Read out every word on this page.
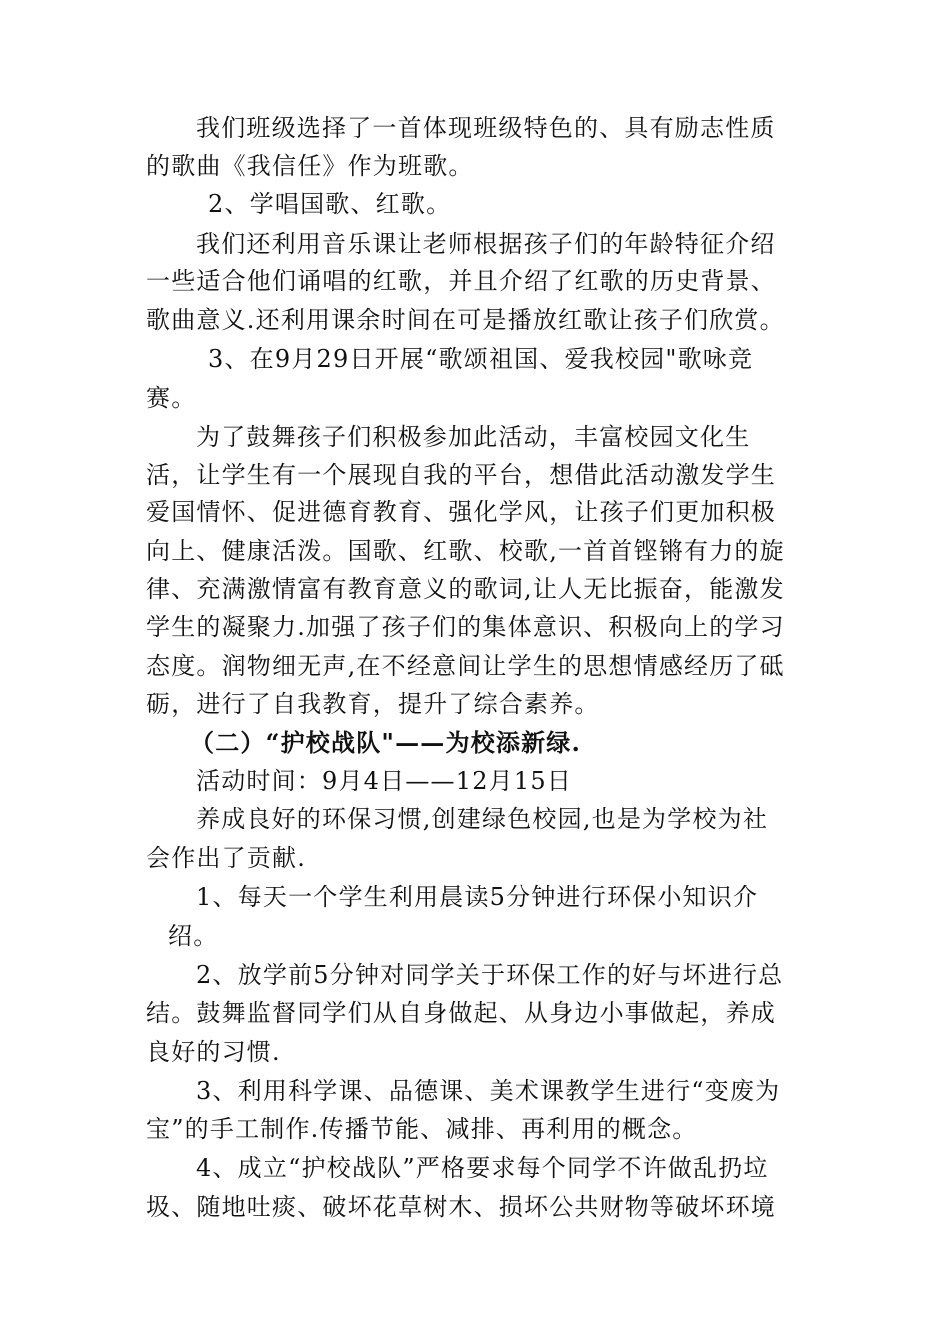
我们班级选择了一首体现班级特色的、具有励志性质
的歌曲《我信任》作为班歌。
2、学唱国歌、红歌。
我们还利用音乐课让老师根据孩子们的年龄特征介绍
一些适合他们诵唱的红歌，并且介绍了红歌的历史背景、
歌曲意义.还利用课余时间在可是播放红歌让孩子们欣赏。
3、在9月29日开展“歌颂祖国、爱我校园"歌咏竞
赛。
为了鼓舞孩子们积极参加此活动，丰富校园文化生
活，让学生有一个展现自我的平台，想借此活动激发学生
爱国情怀、促进德育教育、强化学风，让孩子们更加积极
向上、健康活泼。国歌、红歌、校歌,一首首铿锵有力的旋
律、充满激情富有教育意义的歌词,让人无比振奋，能激发
学生的凝聚力.加强了孩子们的集体意识、积极向上的学习
态度。润物细无声,在不经意间让学生的思想情感经历了砥
砺，进行了自我教育，提升了综合素养。
（二）“护校战队"——为校添新绿.
活动时间：9月4日——12月15日
养成良好的环保习惯,创建绿色校园,也是为学校为社
会作出了贡献.
1、每天一个学生利用晨读5分钟进行环保小知识介
绍。
2、放学前5分钟对同学关于环保工作的好与坏进行总
结。鼓舞监督同学们从自身做起、从身边小事做起，养成
良好的习惯.
3、利用科学课、品德课、美术课教学生进行“变废为
宝”的手工制作.传播节能、减排、再利用的概念。
4、成立“护校战队”严格要求每个同学不许做乱扔垃
圾、随地吐痰、破坏花草树木、损坏公共财物等破坏环境
